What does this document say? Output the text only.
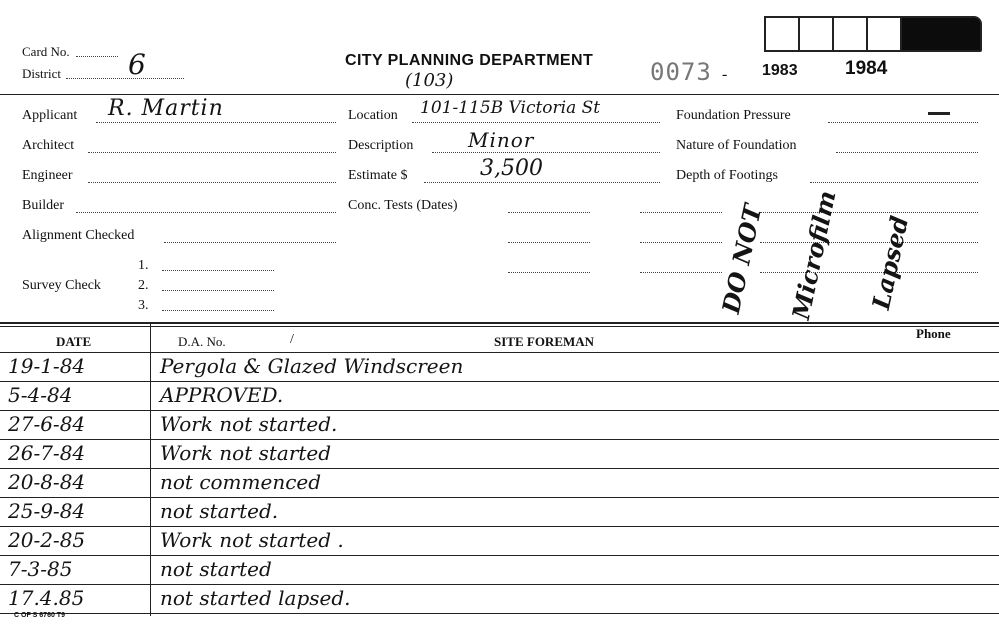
Card No.
District 6	CITY PLANNING DEPARTMENT
(103)	0073 - 1983 1984
Applicant R. Martin
Architect
Engineer
Builder
Alignment Checked
Survey Check
1.
2.
3.
Location 101-115B Victoria St
Description	Minor
Estimate $	3,500
Conc. Tests (Dates)
Foundation Pressure
Nature of Foundation
Depth of Footings
DO NOT Microfilm	Lapsed
DATE	D.A. No.	/	SITE FOREMAN
Phone
19-1-84	Pergola & Glazed Windscreen
5-4-84	APPROVED.
27-6-84	Work not started.
26-7-84	Work not started
20-8-84	not commenced
25-9-84	not started.
20-2-85	Work not started .
7-3-85	not started
17.4.85	not started lapsed.
C OF S 6760 T9
